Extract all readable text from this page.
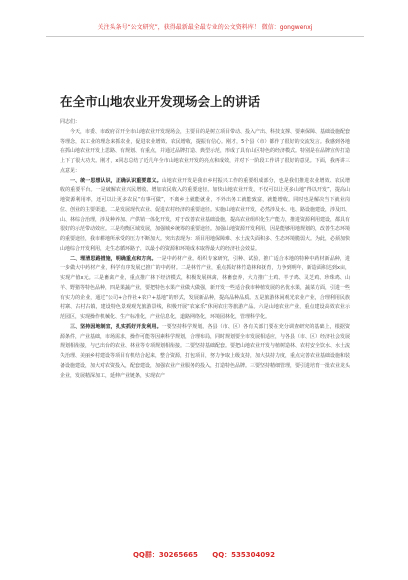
关注头条号“公文研究”，获得最新最全最专业的公文资料库！ 微信：gongwenxj
在全市山地农业开发现场会上的讲话

同志们：

今天，市委、市政府召开全市山地农业开发现场会，主要目的是树立项目带动、投入产出、科技支撑、要素保障、基础设施配套等理念，以工业的理念来抓农业，促进农业增效、农民增收，提振有信心。刚才，5个县（市）都作了很好的交流发言。我感到各地在抓山地农业开发上思路、有规划、有重点，并通过品牌打造、典型示范，形成了具有山区特色的经济模式。特别是在品牌宣传打造上下了很大功夫。刚才，x同志总结了近几年全市山地农业开发的亮点和成效，并对下一阶段工作讲了很好的意见。下面，我再讲三点意见：

一、统一思想认识，正确认识重要意义。山地农业开发是我市乡村振兴工作的重要组成部分，也是我们推进农业增效、农民增收的重要平台。一是破解农业兴民增收、增加农民收入的重要途径。加快山地农业开发，不仅可以让更多山地“得以开发”，提高山地资源利用率，还可以让更多农民“有事可做”，不离乡土就能就业，不外出务工就能致富，就能增收。同时也是解决当下就业岗位、创业的主要渠道。二是发展现代农业、促进农村经济的重要途径。实施山地农业开发，必然涉及水、电、路设施建设，涉及田、山、林综合治理，涉及种养加、产供销一体化开发，对于改善农业基础设施，提高农业组织化生产能力，推进资源利用建设，都具有很好的示范带动效应。三是均衡区域发展，加强城乡统筹的重要途径。加强山地资源开发利用，因是能够用地规划的，改善生态环境的重要途径，我市耕地所承受的压力不断加大。突出表现为：项目用地保障难、水土流失面积多、生态环境脆弱大。为此，必须加快山地综合开发利用，走生态循环路子，以最小的资源和环境成本取得最大的经济社会效益。

二、理清思路措施，明确重点和方向。一是中药材产业。组织专家研究，引种、试验，推广适合本地的特种中药材新品种，进一步做大中药材产业，科学有序发展已推广的中药材。二是林竹产业，重点抓好林竹造林和抚育，力争到明年，新造面积达到x亩，实现产值x元。三是畜禽产业，重点推广林下经济模式，积极发展林禽，林畜套养，大力推广土鸡、羊子鸡、灵芝鸡、珍珠鸡、山羊、野猪等特色品种，四是果蔬产业，要把特色水果产业做大做强，新开发一些适合我市种植发展的名优水果，蔬菜方面，引进一些有实力的企业，通过“公司+合作社+农户+基地”的形式，发展新品种，提高品种品质。五是旅游休闲观光农业产业，合理利用民族村寨、古村古镇，建设特色景观观光旅游景线，积极开展“农家乐”休闲农庄等旅游产品。六是山地农业产业，重点建设高效农业示范园区，实现操作机械化、生产标准化，产业信息化，道路网络化，环境园林化，管理科学化。

三、坚持因地制宜，扎实抓好开发利用。一要坚持科学规划。各县（市、区）各有关部门要在充分调查研究的基础上，根据资源条件，产业基础，市场需求，操作可能等因素科学规划，合理布局，同时规划要全市发展相适应，与各县（市、区）经济社会发展规划相衔接，与已出台的农业、林业等专项规划相衔接。二要坚持基础配套。要把山地农业开发与植树造林、农村安全饮水、水土流失治理、美丽乡村建设等项目有机结合起来，整合资源，打包项目，努力争取上级支持，加大扶持力度，重点完善农业基础设施和装备设施建设，加大对农资投入，配套建设，加强农业产业服务的投入，打造特色品牌。三要坚持精细管理，要引进培育一批农业龙头企业，发展精深加工，延伸产业链条，实现农产

QQ群：30265665 QQ：535304092
